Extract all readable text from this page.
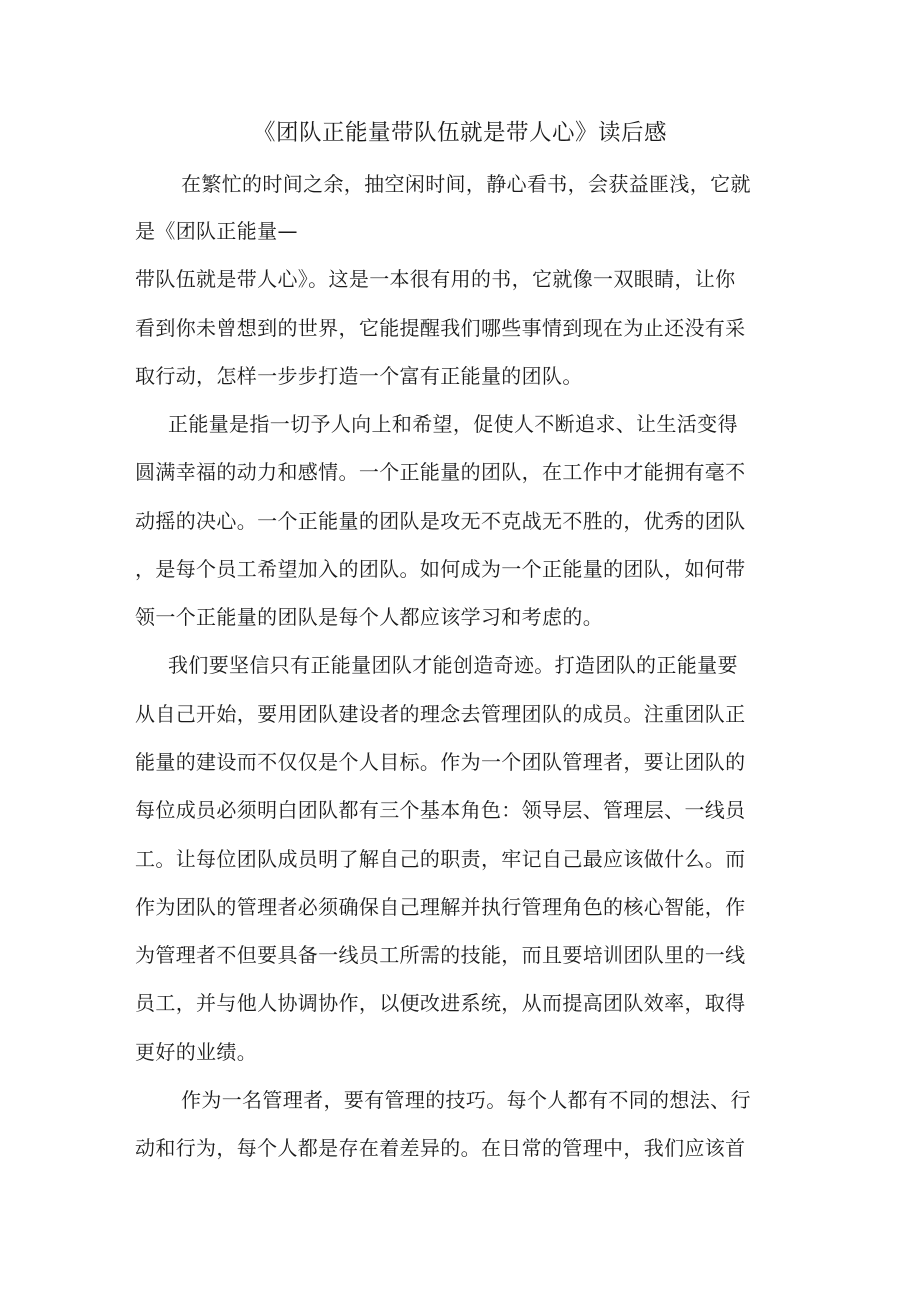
《团队正能量带队伍就是带人心》读后感
在繁忙的时间之余，抽空闲时间，静心看书，会获益匪浅，它就
是《团队正能量—
带队伍就是带人心》。这是一本很有用的书，它就像一双眼睛，让你
看到你未曾想到的世界，它能提醒我们哪些事情到现在为止还没有采
取行动，怎样一步步打造一个富有正能量的团队。
正能量是指一切予人向上和希望，促使人不断追求、让生活变得
圆满幸福的动力和感情。一个正能量的团队，在工作中才能拥有毫不
动摇的决心。一个正能量的团队是攻无不克战无不胜的，优秀的团队
，是每个员工希望加入的团队。如何成为一个正能量的团队，如何带
领一个正能量的团队是每个人都应该学习和考虑的。
我们要坚信只有正能量团队才能创造奇迹。打造团队的正能量要
从自己开始，要用团队建设者的理念去管理团队的成员。注重团队正
能量的建设而不仅仅是个人目标。作为一个团队管理者，要让团队的
每位成员必须明白团队都有三个基本角色：领导层、管理层、一线员
工。让每位团队成员明了解自己的职责，牢记自己最应该做什么。而
作为团队的管理者必须确保自己理解并执行管理角色的核心智能，作
为管理者不但要具备一线员工所需的技能，而且要培训团队里的一线
员工，并与他人协调协作，以便改进系统，从而提高团队效率，取得
更好的业绩。
作为一名管理者，要有管理的技巧。每个人都有不同的想法、行
动和行为，每个人都是存在着差异的。在日常的管理中，我们应该首
